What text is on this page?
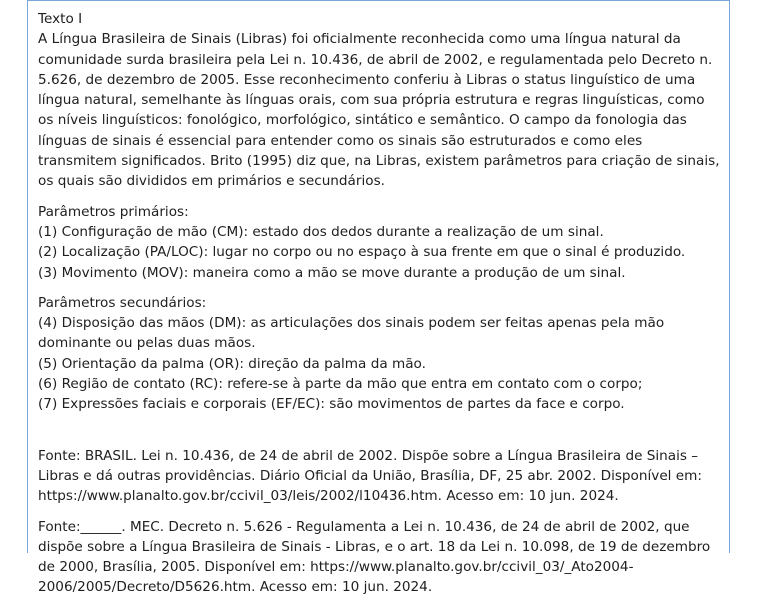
Texto I

A Língua Brasileira de Sinais (Libras) foi oficialmente reconhecida como uma língua natural da comunidade surda brasileira pela Lei n. 10.436, de abril de 2002, e regulamentada pelo Decreto n. 5.626, de dezembro de 2005. Esse reconhecimento conferiu à Libras o status linguístico de uma língua natural, semelhante às línguas orais, com sua própria estrutura e regras linguísticas, como os níveis linguísticos: fonológico, morfológico, sintático e semântico. O campo da fonologia das línguas de sinais é essencial para entender como os sinais são estruturados e como eles transmitem significados. Brito (1995) diz que, na Libras, existem parâmetros para criação de sinais, os quais são divididos em primários e secundários.

Parâmetros primários:

(1) Configuração de mão (CM): estado dos dedos durante a realização de um sinal.

(2) Localização (PA/LOC): lugar no corpo ou no espaço à sua frente em que o sinal é produzido.

(3) Movimento (MOV): maneira como a mão se move durante a produção de um sinal.

Parâmetros secundários:

(4) Disposição das mãos (DM): as articulações dos sinais podem ser feitas apenas pela mão dominante ou pelas duas mãos.

(5) Orientação da palma (OR): direção da palma da mão.

(6) Região de contato (RC): refere-se à parte da mão que entra em contato com o corpo;

(7) Expressões faciais e corporais (EF/EC): são movimentos de partes da face e corpo.

Fonte: BRASIL. Lei n. 10.436, de 24 de abril de 2002. Dispõe sobre a Língua Brasileira de Sinais – Libras e dá outras providências. Diário Oficial da União, Brasília, DF, 25 abr. 2002. Disponível em: https://www.planalto.gov.br/ccivil_03/leis/2002/l10436.htm. Acesso em: 10 jun. 2024.

Fonte:______. MEC. Decreto n. 5.626 - Regulamenta a Lei n. 10.436, de 24 de abril de 2002, que dispõe sobre a Língua Brasileira de Sinais - Libras, e o art. 18 da Lei n. 10.098, de 19 de dezembro de 2000, Brasília, 2005. Disponível em: https://www.planalto.gov.br/ccivil_03/_Ato2004-2006/2005/Decreto/D5626.htm. Acesso em: 10 jun. 2024.
